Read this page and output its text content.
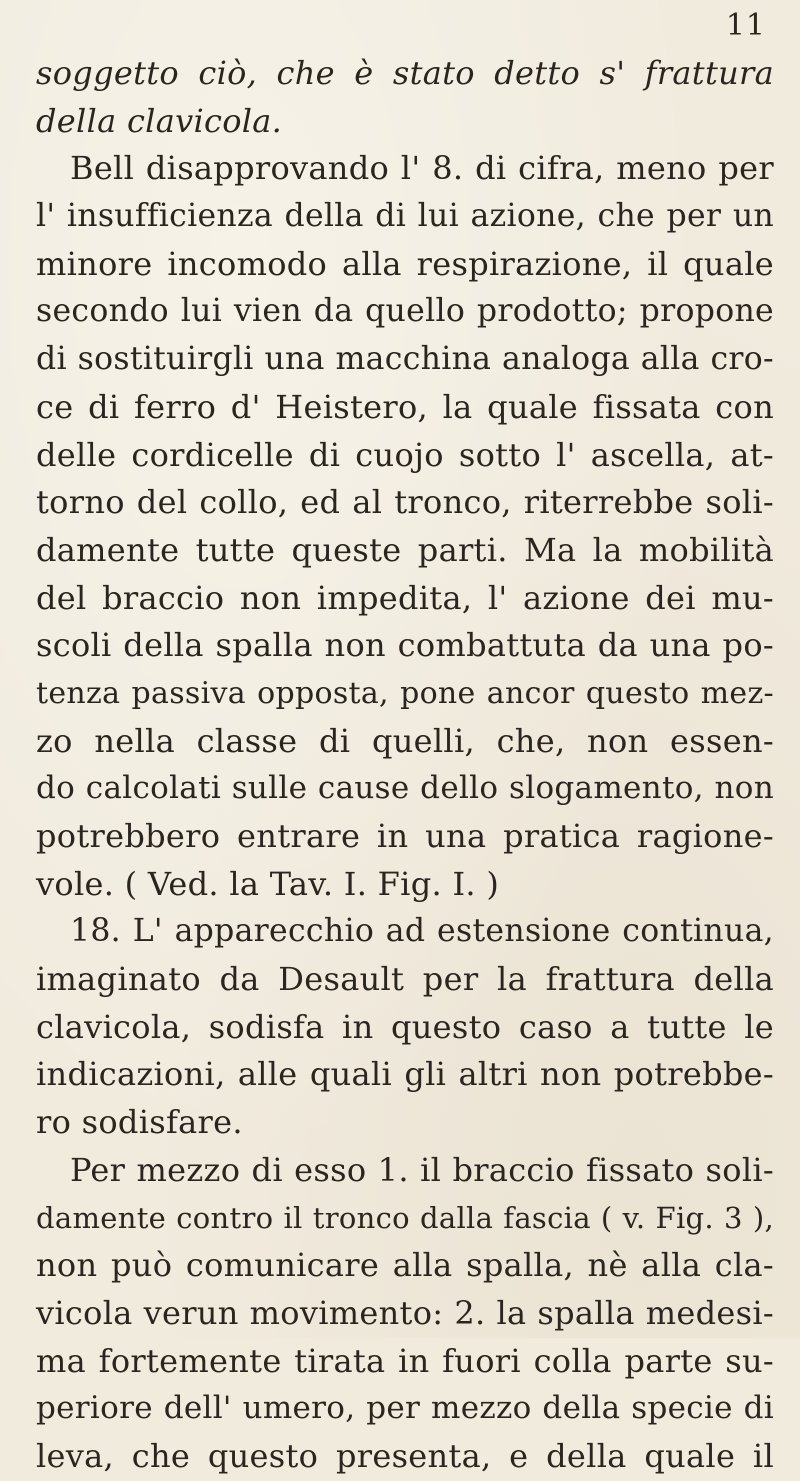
11
soggetto ciò, che è stato detto s' frattura
della clavicola.
Bell disapprovando l' 8. di cifra, meno per
l' insufficienza della di lui azione, che per un
minore incomodo alla respirazione, il quale
secondo lui vien da quello prodotto; propone
di sostituirgli una macchina analoga alla cro-
ce di ferro d' Heistero, la quale fissata con
delle cordicelle di cuojo sotto l' ascella, at-
torno del collo, ed al tronco, riterrebbe soli-
damente tutte queste parti. Ma la mobilità
del braccio non impedita, l' azione dei mu-
scoli della spalla non combattuta da una po-
tenza passiva opposta, pone ancor questo mez-
zo nella classe di quelli, che, non essen-
do calcolati sulle cause dello slogamento, non
potrebbero entrare in una pratica ragione-
vole. ( Ved. la Tav. I. Fig. I. )
18. L' apparecchio ad estensione continua,
imaginato da Desault per la frattura della
clavicola, sodisfa in questo caso a tutte le
indicazioni, alle quali gli altri non potrebbe-
ro sodisfare.
Per mezzo di esso 1. il braccio fissato soli-
damente contro il tronco dalla fascia ( v. Fig. 3 ),
non può comunicare alla spalla, nè alla cla-
vicola verun movimento: 2. la spalla medesi-
ma fortemente tirata in fuori colla parte su-
periore dell' umero, per mezzo della specie di
leva, che questo presenta, e della quale il
